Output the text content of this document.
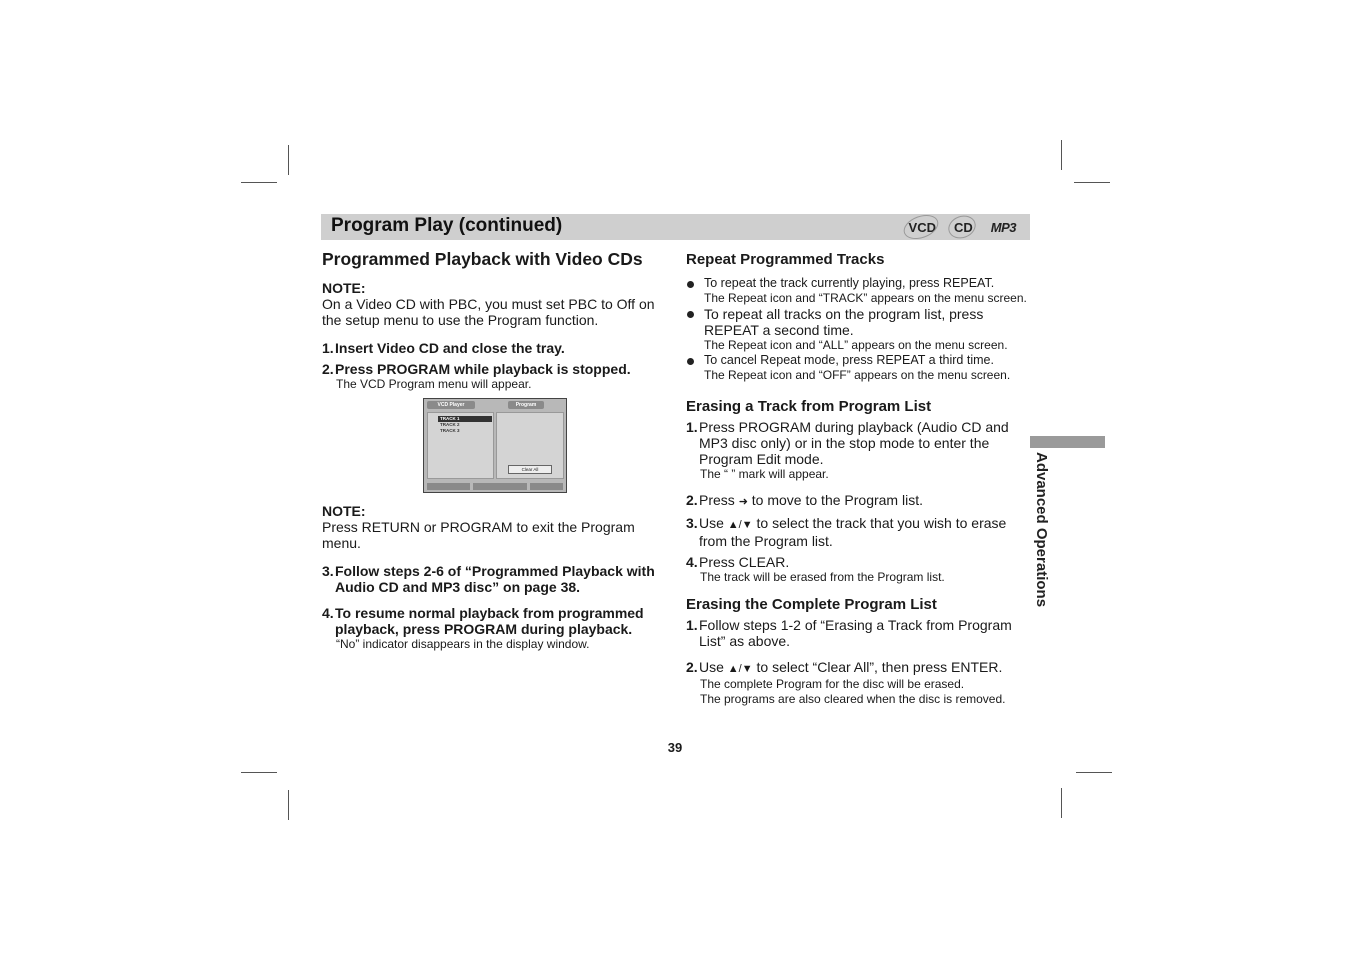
Program Play (continued)	VCD CD MP3
Programmed Playback with Video CDs
NOTE:
On a Video CD with PBC, you must set PBC to Off on the setup menu to use the Program function.
1. Insert Video CD and close the tray.
2. Press PROGRAM while playback is stopped.
The VCD Program menu will appear.
VCD Player	Program
TRACK 1
TRACK 2
TRACK 3
Clear All
NOTE:
Press RETURN or PROGRAM to exit the Program menu.
3. Follow steps 2-6 of “Programmed Playback with Audio CD and MP3 disc” on page 38.
4. To resume normal playback from programmed playback, press PROGRAM during playback.
“No” indicator disappears in the display window.
Repeat Programmed Tracks
To repeat the track currently playing, press REPEAT.
The Repeat icon and “TRACK” appears on the menu screen.
To repeat all tracks on the program list, press REPEAT a second time.
The Repeat icon and “ALL” appears on the menu screen.
To cancel Repeat mode, press REPEAT a third time.
The Repeat icon and “OFF” appears on the menu screen.
Erasing a Track from Program List
1. Press PROGRAM during playback (Audio CD and MP3 disc only) or in the stop mode to enter the Program Edit mode.
The “ ” mark will appear.
2. Press ➜ to move to the Program list.
3. Use ▲/▼ to select the track that you wish to erase from the Program list.
4. Press CLEAR.
The track will be erased from the Program list.
Erasing the Complete Program List
1. Follow steps 1-2 of “Erasing a Track from Program List” as above.
2. Use ▲/▼ to select “Clear All”, then press ENTER.
The complete Program for the disc will be erased.
The programs are also cleared when the disc is removed.
Advanced Operations
39
